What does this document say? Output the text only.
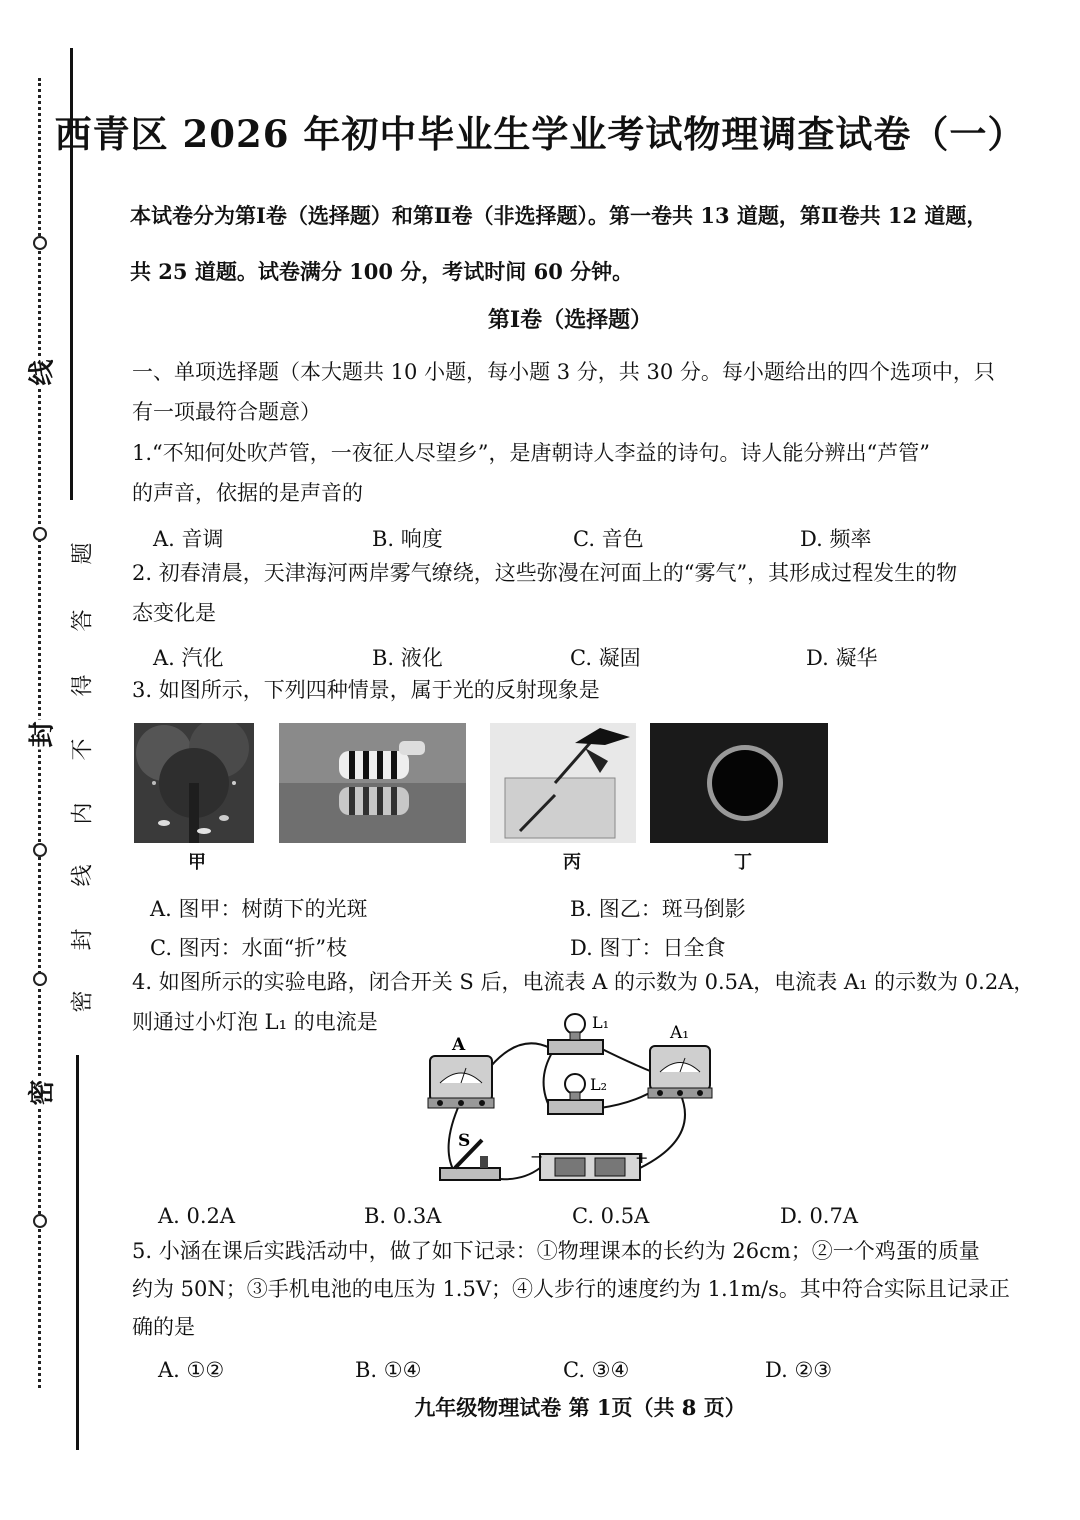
线
封
密
题
答
得
不
内
线
封
密
西青区 2026 年初中毕业生学业考试物理调查试卷（一）
本试卷分为第Ⅰ卷（选择题）和第Ⅱ卷（非选择题）。第一卷共 13 道题，第Ⅱ卷共 12 道题，
共 25 道题。试卷满分 100 分，考试时间 60 分钟。
第Ⅰ卷（选择题）
一、单项选择题（本大题共 10 小题，每小题 3 分，共 30 分。每小题给出的四个选项中，只
有一项最符合题意）
1.“不知何处吹芦管，一夜征人尽望乡”，是唐朝诗人李益的诗句。诗人能分辨出“芦管”
的声音，依据的是声音的
A. 音调	B. 响度	C. 音色	D. 频率
2. 初春清晨，天津海河两岸雾气缭绕，这些弥漫在河面上的“雾气”，其形成过程发生的物
态变化是
A. 汽化	B. 液化	C. 凝固	D. 凝华
3. 如图所示，下列四种情景，属于光的反射现象是
甲	丙	丁
A. 图甲：树荫下的光斑	B. 图乙：斑马倒影
C. 图丙：水面“折”枝	D. 图丁：日全食
4. 如图所示的实验电路，闭合开关 S 后，电流表 A 的示数为 0.5A，电流表 A₁ 的示数为 0.2A，
则通过小灯泡 L₁ 的电流是
A
A₁
L₁
L₂
S
−	+
A. 0.2A	B. 0.3A	C. 0.5A	D. 0.7A
5. 小涵在课后实践活动中，做了如下记录：①物理课本的长约为 26cm；②一个鸡蛋的质量
约为 50N；③手机电池的电压为 1.5V；④人步行的速度约为 1.1m/s。其中符合实际且记录正
确的是
A. ①②	B. ①④	C. ③④	D. ②③
九年级物理试卷 第 1页（共 8 页）
